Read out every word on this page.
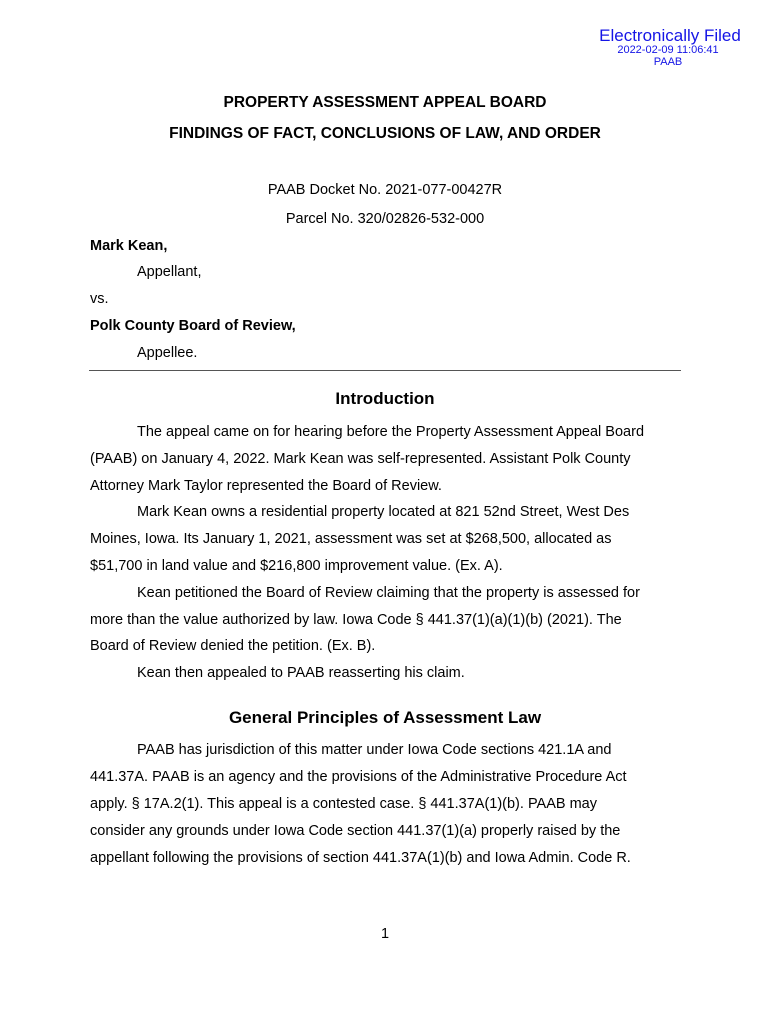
Electronically Filed
2022-02-09 11:06:41
PAAB
PROPERTY ASSESSMENT APPEAL BOARD
FINDINGS OF FACT, CONCLUSIONS OF LAW, AND ORDER
PAAB Docket No. 2021-077-00427R
Parcel No. 320/02826-532-000
Mark Kean,
Appellant,
vs.
Polk County Board of Review,
Appellee.
Introduction
The appeal came on for hearing before the Property Assessment Appeal Board
(PAAB) on January 4, 2022. Mark Kean was self-represented. Assistant Polk County
Attorney Mark Taylor represented the Board of Review.
Mark Kean owns a residential property located at 821 52nd Street, West Des
Moines, Iowa. Its January 1, 2021, assessment was set at $268,500, allocated as
$51,700 in land value and $216,800 improvement value. (Ex. A).
Kean petitioned the Board of Review claiming that the property is assessed for
more than the value authorized by law. Iowa Code § 441.37(1)(a)(1)(b) (2021). The
Board of Review denied the petition. (Ex. B).
Kean then appealed to PAAB reasserting his claim.
General Principles of Assessment Law
PAAB has jurisdiction of this matter under Iowa Code sections 421.1A and
441.37A. PAAB is an agency and the provisions of the Administrative Procedure Act
apply. § 17A.2(1). This appeal is a contested case. § 441.37A(1)(b). PAAB may
consider any grounds under Iowa Code section 441.37(1)(a) properly raised by the
appellant following the provisions of section 441.37A(1)(b) and Iowa Admin. Code R.
1
